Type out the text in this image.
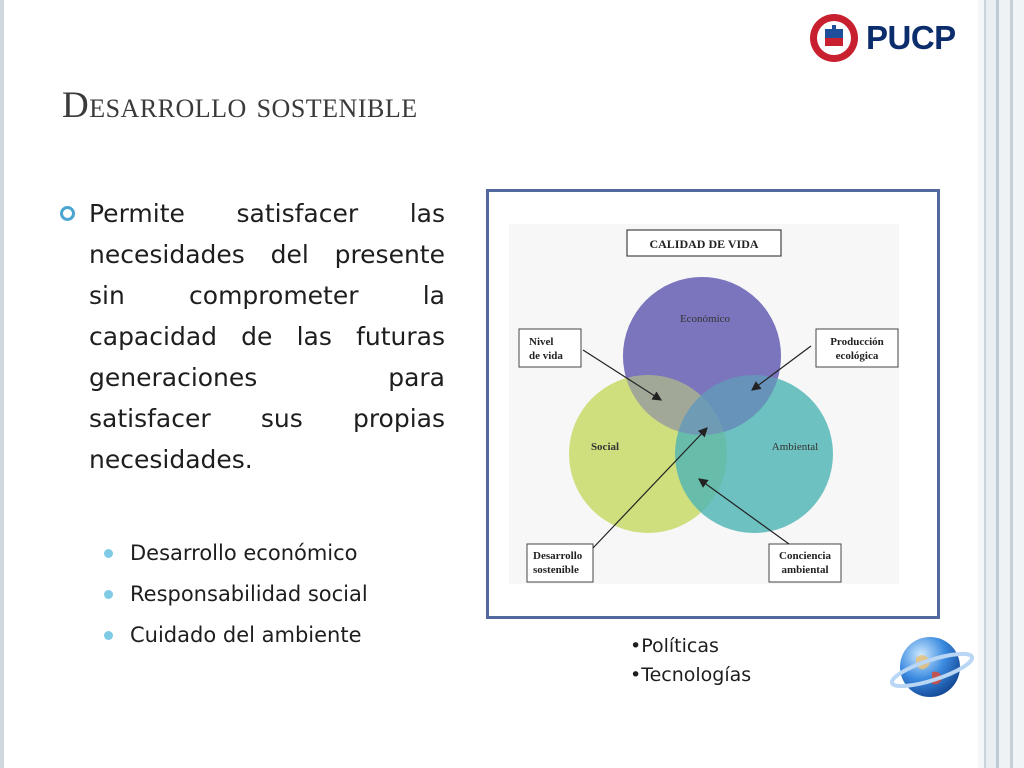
PUCP
Desarrollo sostenible

Permite satisfacer las necesidades del presente sin comprometer la capacidad de las futuras generaciones para satisfacer sus propias necesidades.

Desarrollo económico
Responsabilidad social
Cuidado del ambiente
CALIDAD DE VIDA
Económico
Social	Ambiental
Nivel
de vida
Producción
ecológica
Desarrollo
sostenible
Conciencia
ambiental
•Políticas
•Tecnologías
